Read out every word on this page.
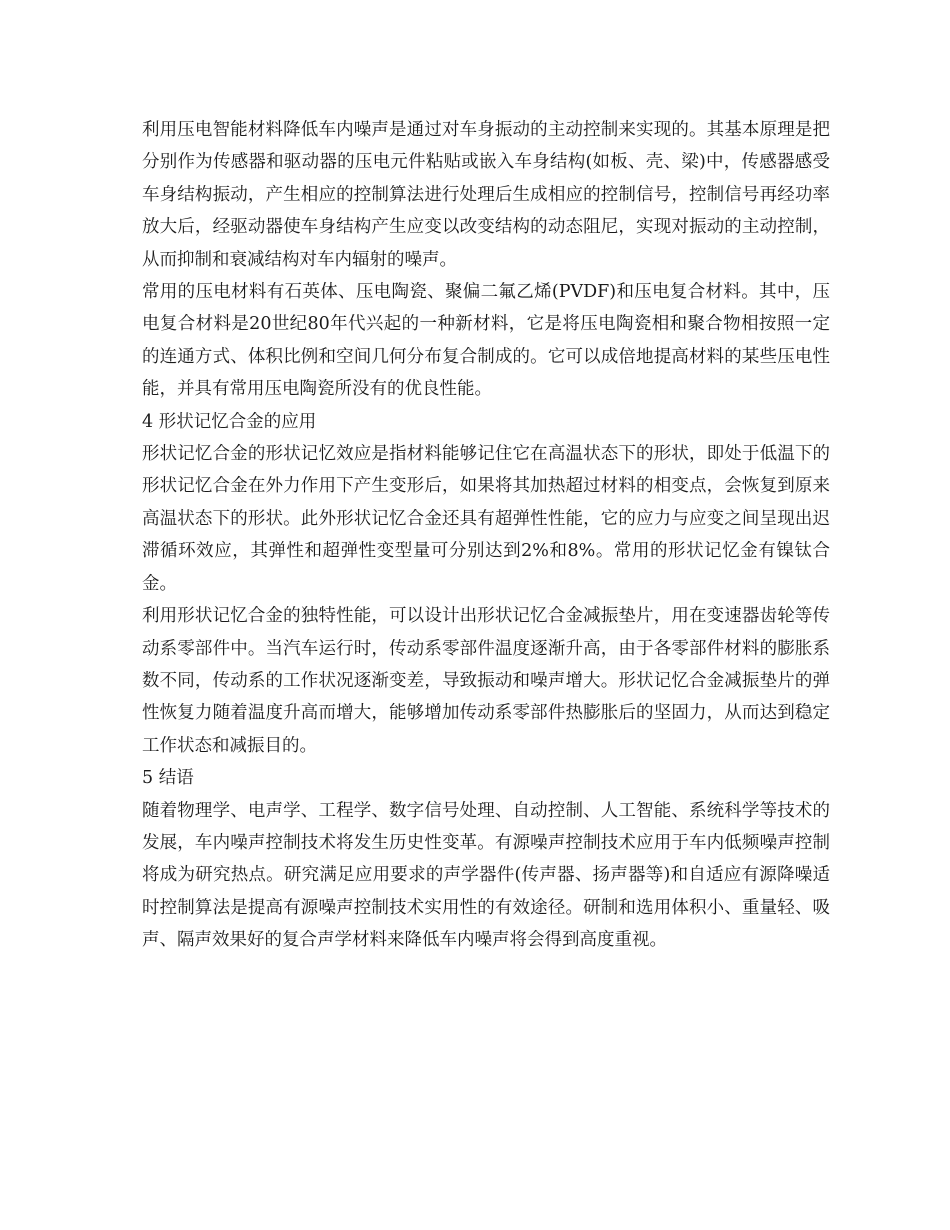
利用压电智能材料降低车内噪声是通过对车身振动的主动控制来实现的。其基本原理是把分别作为传感器和驱动器的压电元件粘贴或嵌入车身结构(如板、壳、梁)中，传感器感受车身结构振动，产生相应的控制算法进行处理后生成相应的控制信号，控制信号再经功率放大后，经驱动器使车身结构产生应变以改变结构的动态阻尼，实现对振动的主动控制，从而抑制和衰减结构对车内辐射的噪声。

常用的压电材料有石英体、压电陶瓷、聚偏二氟乙烯(PVDF)和压电复合材料。其中，压电复合材料是20世纪80年代兴起的一种新材料，它是将压电陶瓷相和聚合物相按照一定的连通方式、体积比例和空间几何分布复合制成的。它可以成倍地提高材料的某些压电性能，并具有常用压电陶瓷所没有的优良性能。

4 形状记忆合金的应用

形状记忆合金的形状记忆效应是指材料能够记住它在高温状态下的形状，即处于低温下的形状记忆合金在外力作用下产生变形后，如果将其加热超过材料的相变点，会恢复到原来高温状态下的形状。此外形状记忆合金还具有超弹性性能，它的应力与应变之间呈现出迟滞循环效应，其弹性和超弹性变型量可分别达到2%和8%。常用的形状记忆金有镍钛合金。

利用形状记忆合金的独特性能，可以设计出形状记忆合金减振垫片，用在变速器齿轮等传动系零部件中。当汽车运行时，传动系零部件温度逐渐升高，由于各零部件材料的膨胀系数不同，传动系的工作状况逐渐变差，导致振动和噪声增大。形状记忆合金减振垫片的弹性恢复力随着温度升高而增大，能够增加传动系零部件热膨胀后的坚固力，从而达到稳定工作状态和减振目的。

5 结语

随着物理学、电声学、工程学、数字信号处理、自动控制、人工智能、系统科学等技术的发展，车内噪声控制技术将发生历史性变革。有源噪声控制技术应用于车内低频噪声控制将成为研究热点。研究满足应用要求的声学器件(传声器、扬声器等)和自适应有源降噪适时控制算法是提高有源噪声控制技术实用性的有效途径。研制和选用体积小、重量轻、吸声、隔声效果好的复合声学材料来降低车内噪声将会得到高度重视。
